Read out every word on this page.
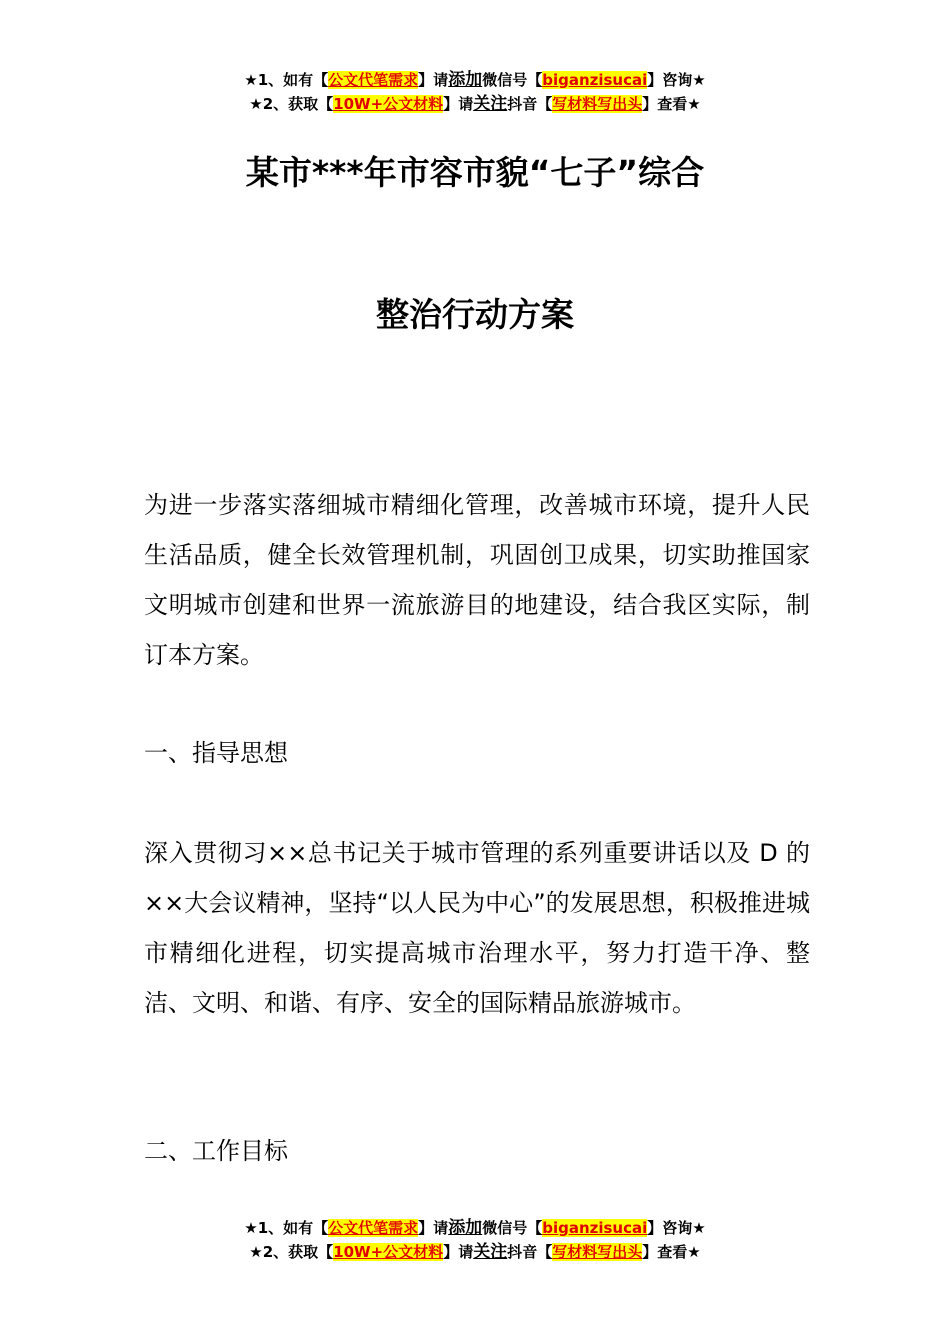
★1、如有【公文代笔需求】请添加微信号【biganzisucai】咨询★
★2、获取【10W+公文材料】请关注抖音【写材料写出头】查看★
某市***年市容市貌“七子”综合
整治行动方案
为进一步落实落细城市精细化管理，改善城市环境，提升人民生活品质，健全长效管理机制，巩固创卫成果，切实助推国家文明城市创建和世界一流旅游目的地建设，结合我区实际，制订本方案。
一、指导思想
深入贯彻习××总书记关于城市管理的系列重要讲话以及 D 的××大会议精神，坚持“以人民为中心”的发展思想，积极推进城市精细化进程，切实提高城市治理水平，努力打造干净、整洁、文明、和谐、有序、安全的国际精品旅游城市。
二、工作目标
★1、如有【公文代笔需求】请添加微信号【biganzisucai】咨询★
★2、获取【10W+公文材料】请关注抖音【写材料写出头】查看★
